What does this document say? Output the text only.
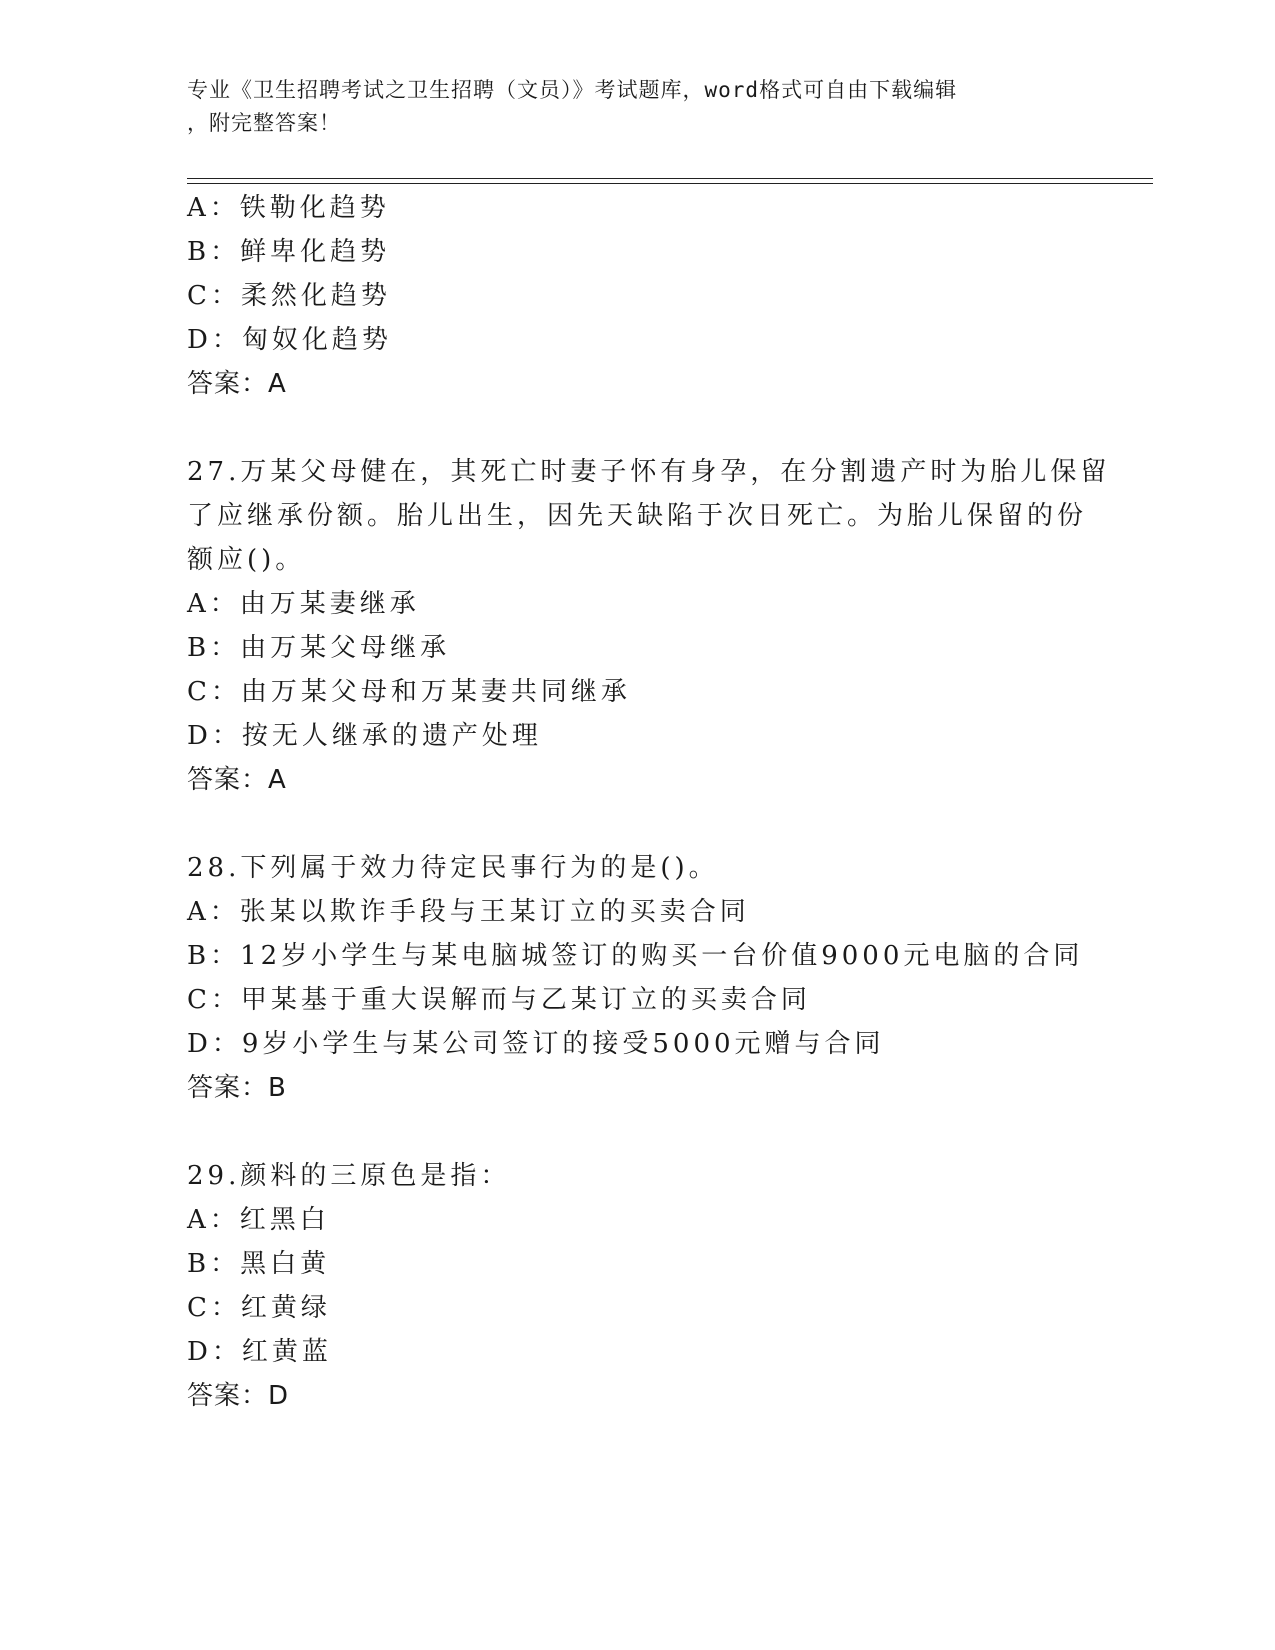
专业《卫生招聘考试之卫生招聘（文员）》考试题库，word格式可自由下载编辑
，附完整答案！
A：铁勒化趋势
B：鲜卑化趋势
C：柔然化趋势
D：匈奴化趋势
答案：A
27.万某父母健在，其死亡时妻子怀有身孕，在分割遗产时为胎儿保留
了应继承份额。胎儿出生，因先天缺陷于次日死亡。为胎儿保留的份
额应()。
A：由万某妻继承
B：由万某父母继承
C：由万某父母和万某妻共同继承
D：按无人继承的遗产处理
答案：A
28.下列属于效力待定民事行为的是()。
A：张某以欺诈手段与王某订立的买卖合同
B：12岁小学生与某电脑城签订的购买一台价值9000元电脑的合同
C：甲某基于重大误解而与乙某订立的买卖合同
D：9岁小学生与某公司签订的接受5000元赠与合同
答案：B
29.颜料的三原色是指：
A：红黑白
B：黑白黄
C：红黄绿
D：红黄蓝
答案：D
